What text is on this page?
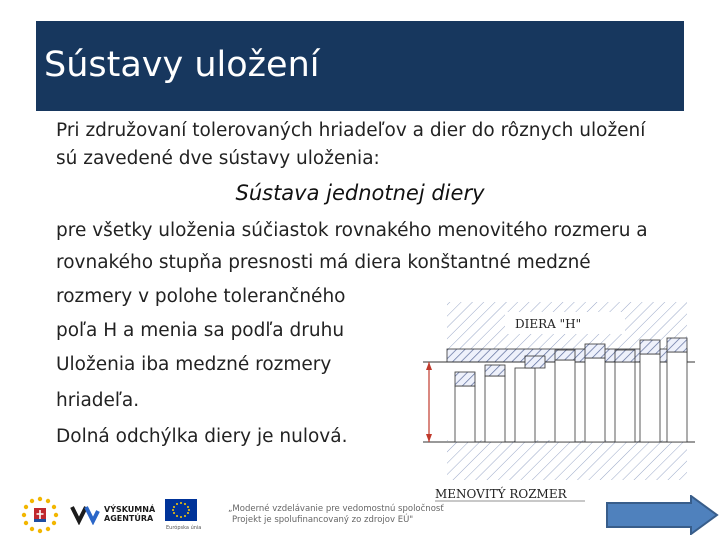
Sústavy uložení
Pri združovaní tolerovaných hriadeľov a dier do rôznych uložení
sú zavedené dve sústavy uloženia:
Sústava jednotnej diery
pre všetky uloženia súčiastok rovnakého menovitého rozmeru a
rovnakého stupňa presnosti má diera konštantné medzné
rozmery v polohe tolerančného
poľa H a menia sa podľa druhu
Uloženia iba medzné rozmery
hriadeľa.
Dolná odchýlka diery je nulová.
DIERA "H"
MENOVITÝ ROZMER
VÝSKUMNÁ
AGENTÚRA
Európska únia
„Moderné vzdelávanie pre vedomostnú spoločnosť
Projekt je spolufinancovaný zo zdrojov EÚ"
